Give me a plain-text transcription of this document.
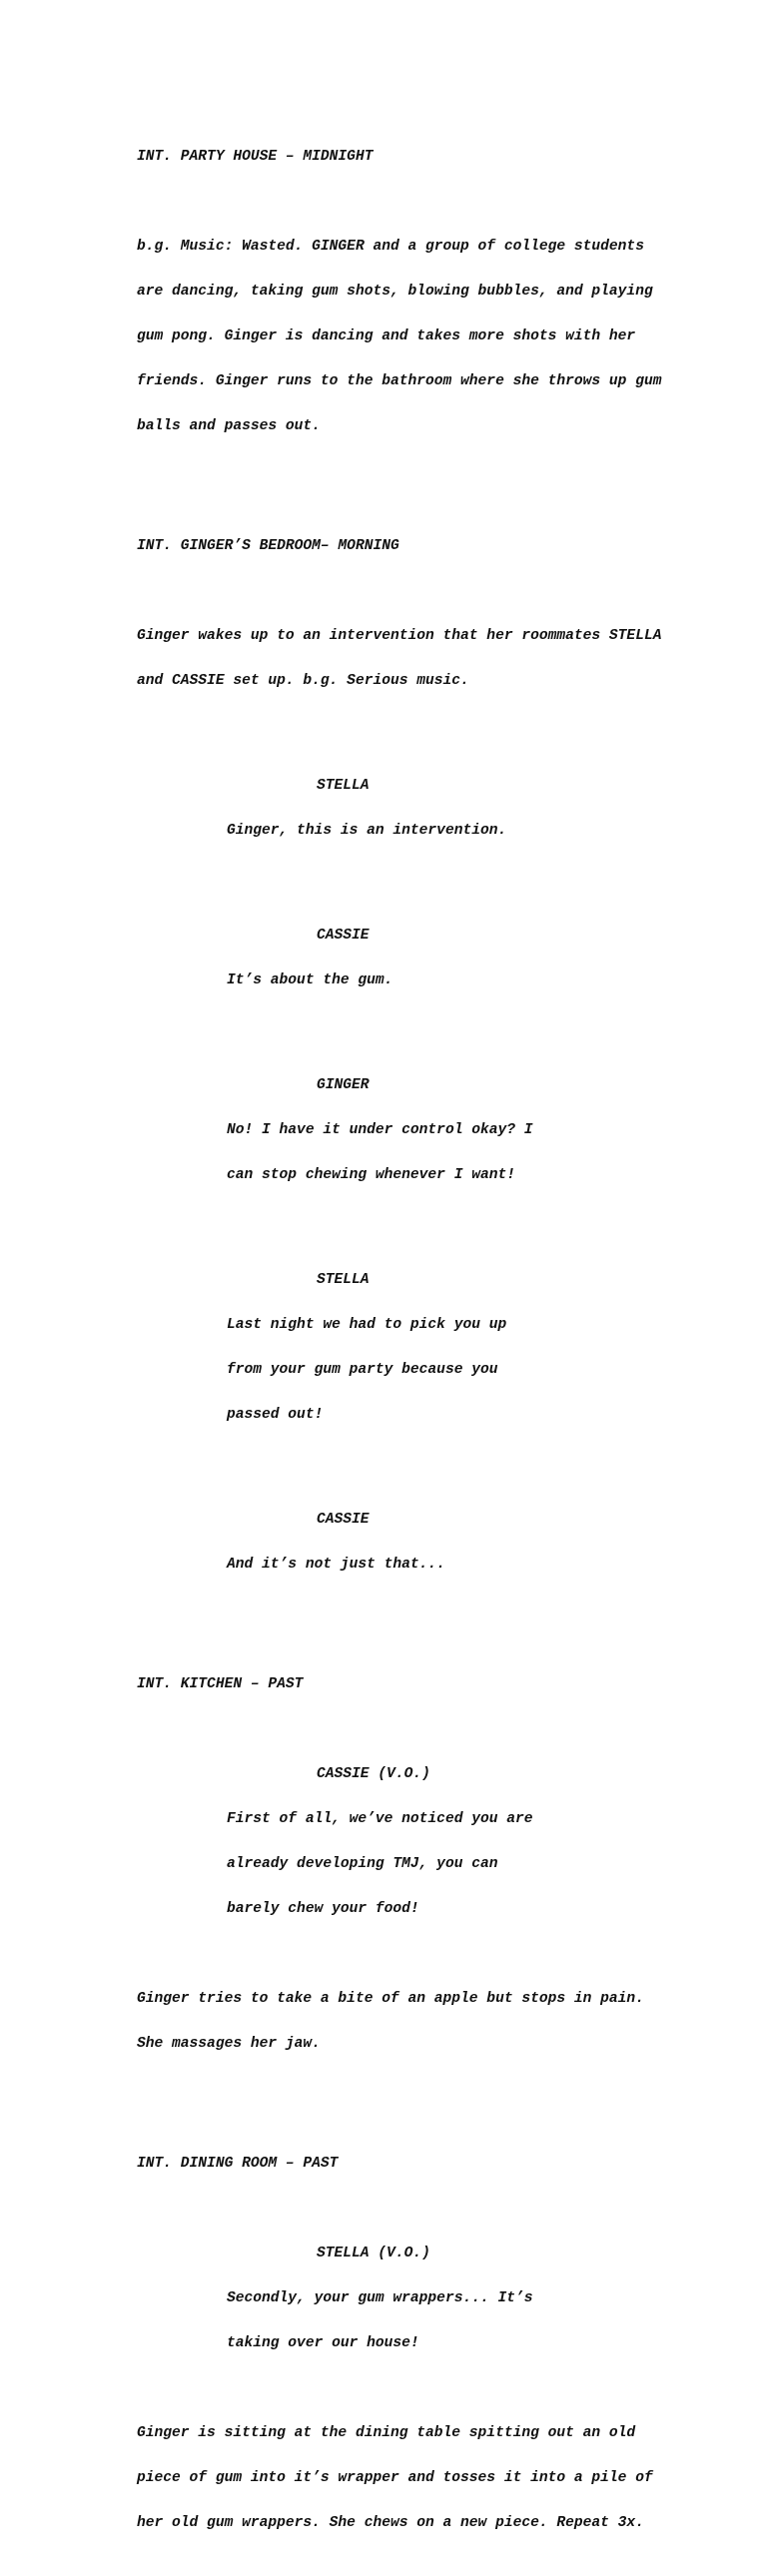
INT. PARTY HOUSE – MIDNIGHT

b.g. Music: Wasted. GINGER and a group of college students

are dancing, taking gum shots, blowing bubbles, and playing

gum pong. Ginger is dancing and takes more shots with her

friends. Ginger runs to the bathroom where she throws up gum

balls and passes out.

INT. GINGER’S BEDROOM– MORNING

Ginger wakes up to an intervention that her roommates STELLA

and CASSIE set up. b.g. Serious music.

STELLA

Ginger, this is an intervention.

CASSIE

It’s about the gum.

GINGER

No! I have it under control okay? I

can stop chewing whenever I want!

STELLA

Last night we had to pick you up

from your gum party because you

passed out!

CASSIE

And it’s not just that...

INT. KITCHEN – PAST

CASSIE (V.O.)

First of all, we’ve noticed you are

already developing TMJ, you can

barely chew your food!

Ginger tries to take a bite of an apple but stops in pain.

She massages her jaw.

INT. DINING ROOM – PAST

STELLA (V.O.)

Secondly, your gum wrappers... It’s

taking over our house!

Ginger is sitting at the dining table spitting out an old

piece of gum into it’s wrapper and tosses it into a pile of

her old gum wrappers. She chews on a new piece. Repeat 3x.
